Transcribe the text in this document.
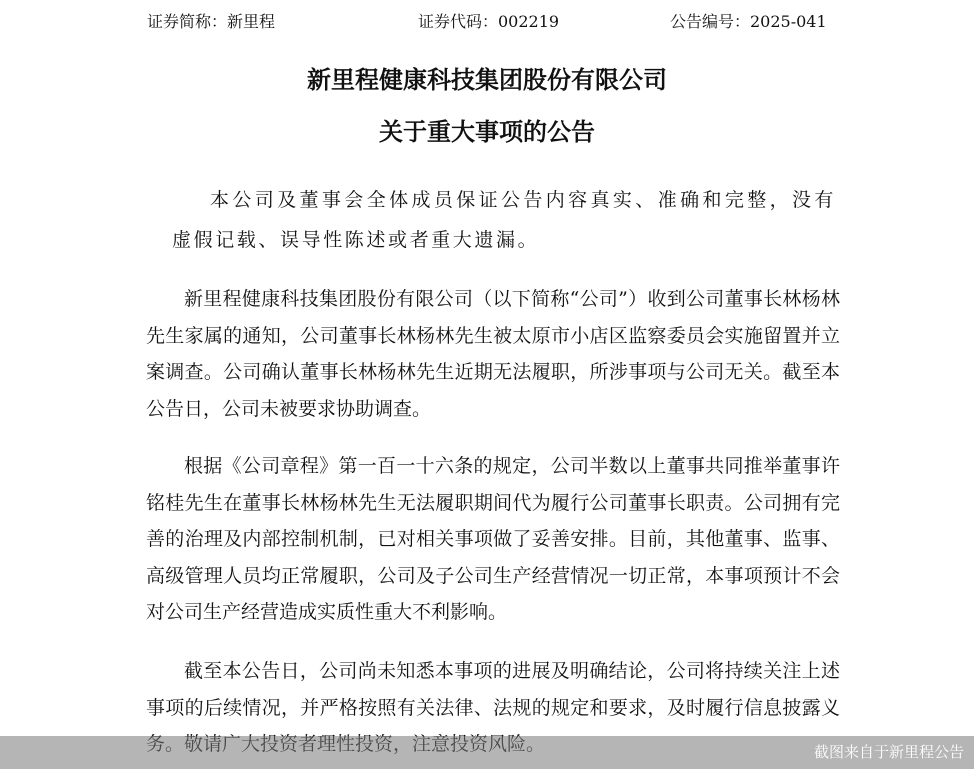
证券简称：新里程	证券代码：002219	公告编号：2025-041
新里程健康科技集团股份有限公司
关于重大事项的公告

本公司及董事会全体成员保证公告内容真实、准确和完整，没有虚假记载、误导性陈述或者重大遗漏。

新里程健康科技集团股份有限公司（以下简称“公司”）收到公司董事长林杨林先生家属的通知，公司董事长林杨林先生被太原市小店区监察委员会实施留置并立案调查。公司确认董事长林杨林先生近期无法履职，所涉事项与公司无关。截至本公告日，公司未被要求协助调查。

根据《公司章程》第一百一十六条的规定，公司半数以上董事共同推举董事许铭桂先生在董事长林杨林先生无法履职期间代为履行公司董事长职责。公司拥有完善的治理及内部控制机制，已对相关事项做了妥善安排。目前，其他董事、监事、高级管理人员均正常履职，公司及子公司生产经营情况一切正常，本事项预计不会对公司生产经营造成实质性重大不利影响。

截至本公告日，公司尚未知悉本事项的进展及明确结论，公司将持续关注上述事项的后续情况，并严格按照有关法律、法规的规定和要求，及时履行信息披露义

截图来自于新里程公告
